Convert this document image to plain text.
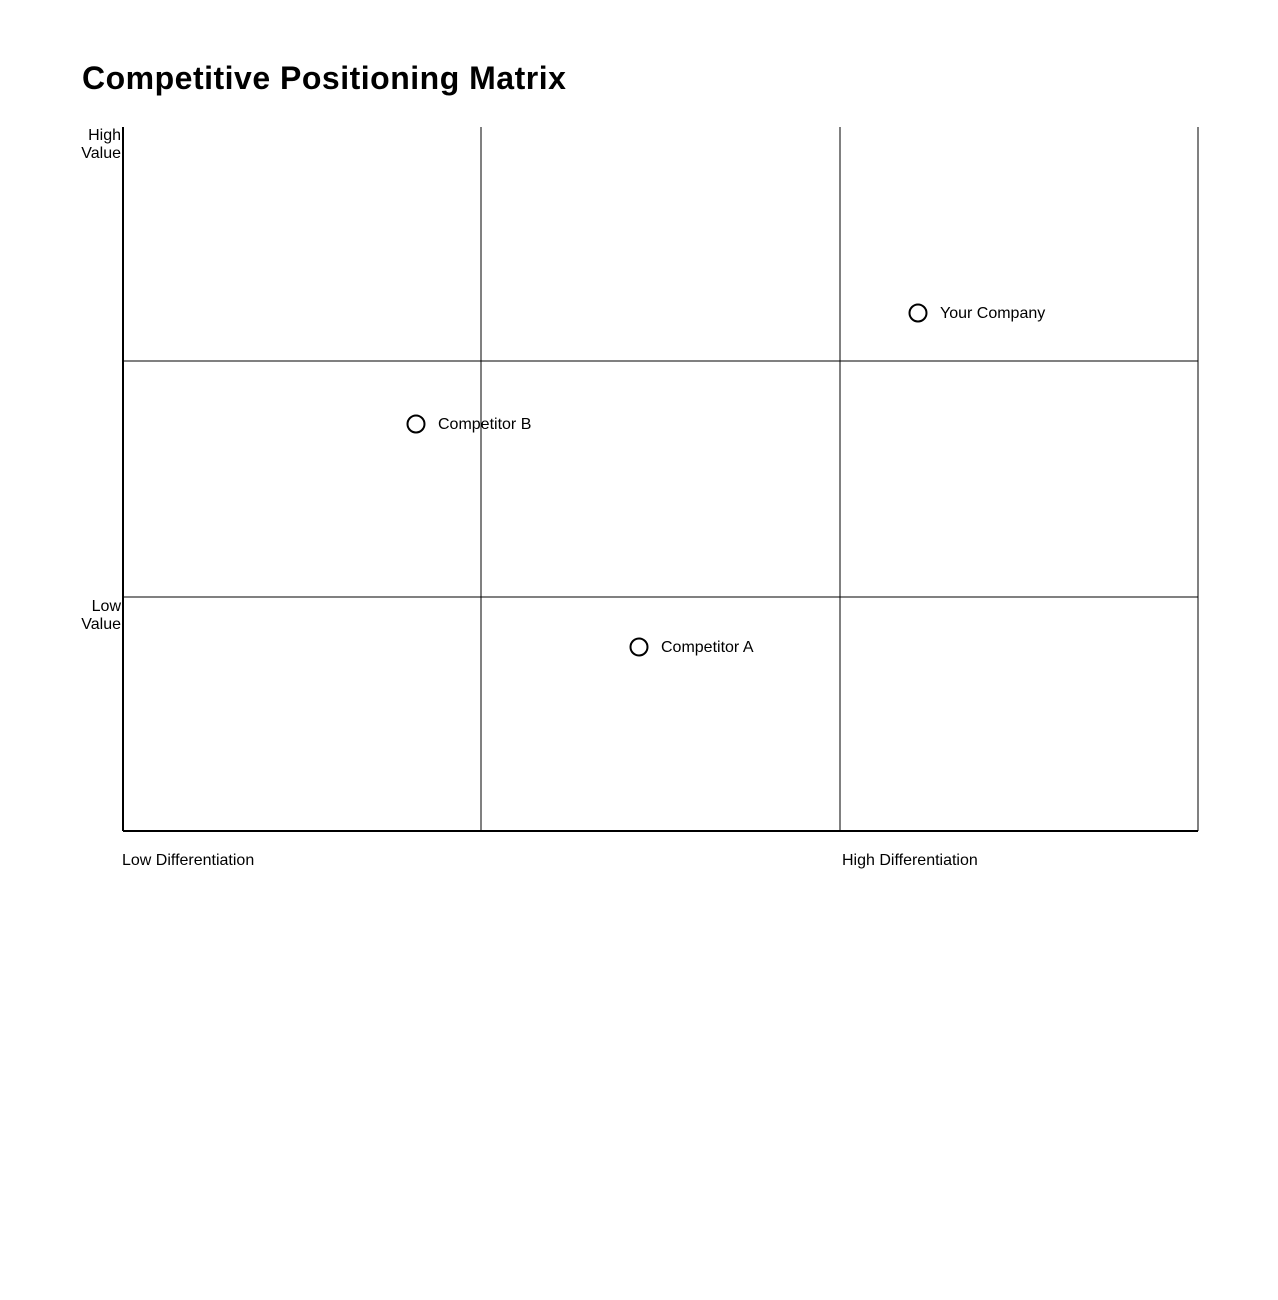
Competitive Positioning Matrix
High
Value
Low
Value
Your Company
Competitor B
Competitor A
Low Differentiation	High Differentiation
